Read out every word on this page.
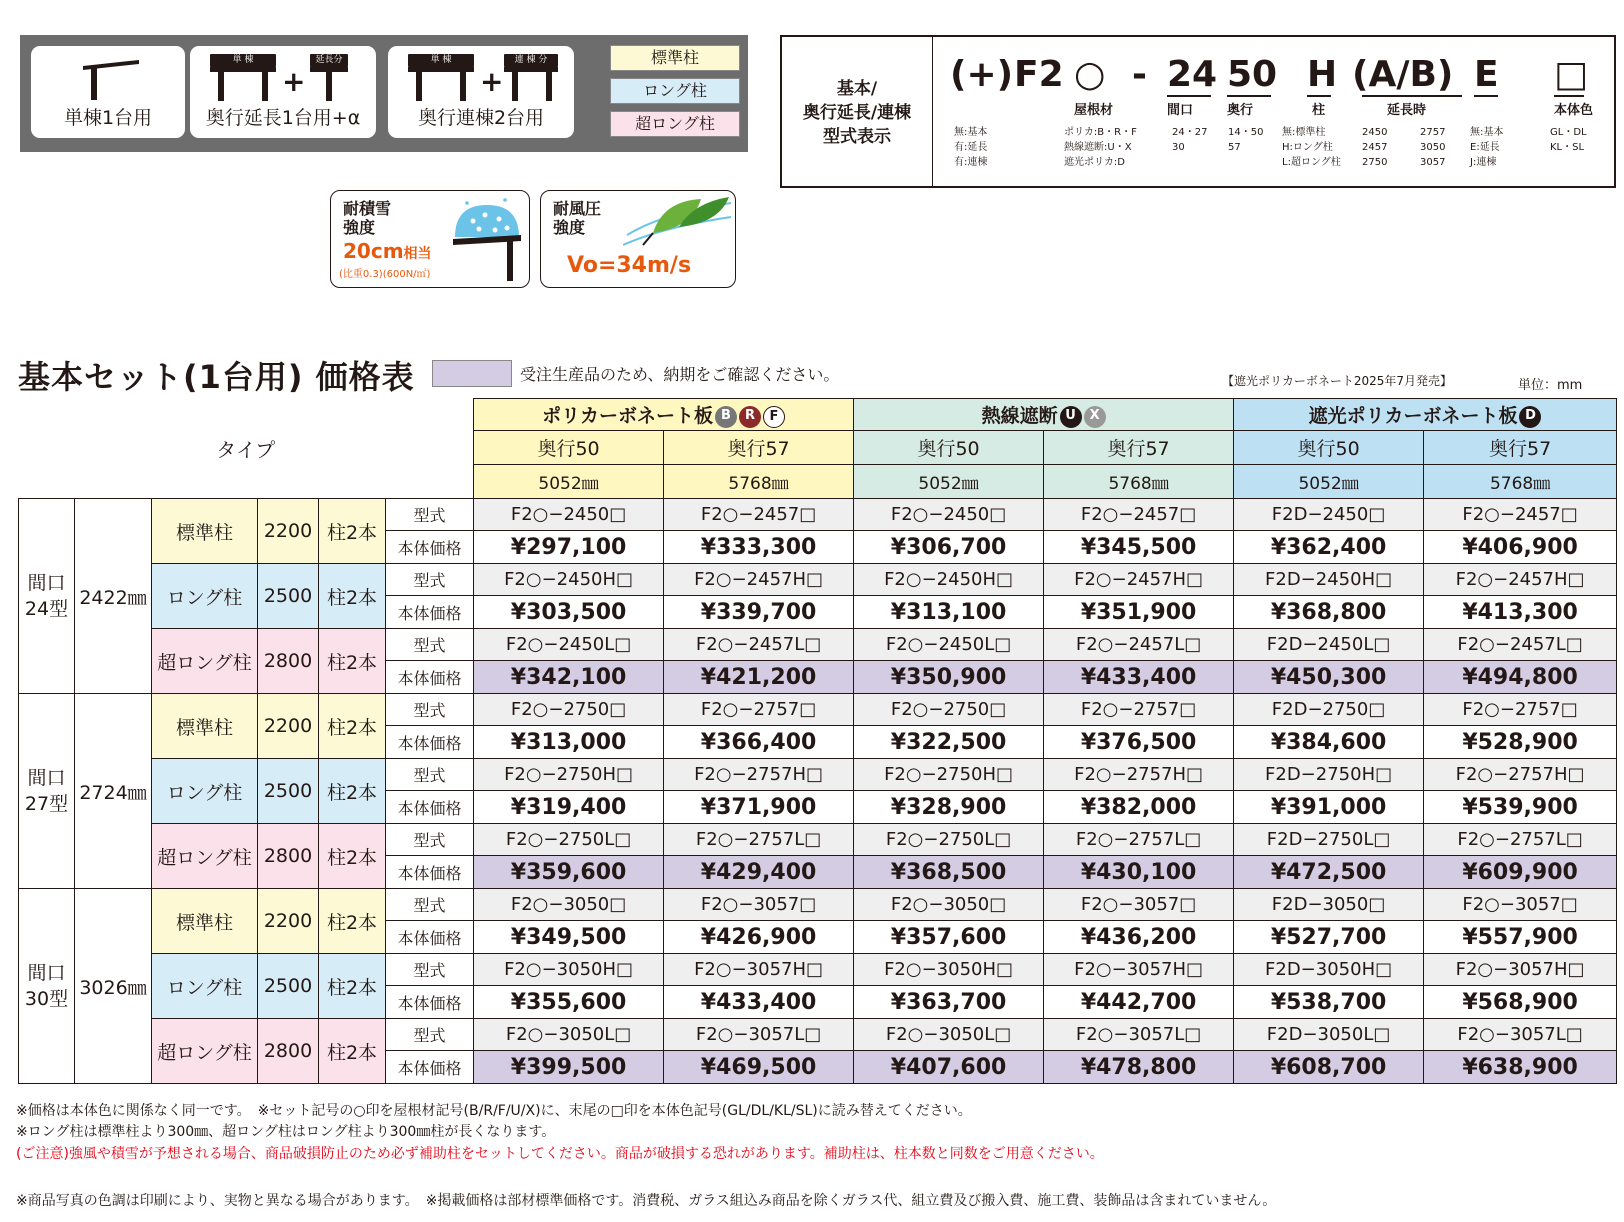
単棟1台用
単 棟
+
延長分
奥行延長1台用+α
単 棟
+
連 棟 分
奥行連棟2台用
標準柱
ロング柱
超ロング柱
基本/
奥行延長/連棟
型式表示
(+) F2 ○ - 24 50 H (A/B) E □
屋根材	間口	奥行	柱	延長時	本体色
無:基本
有:延長
有:連棟
ポリカ:B・R・F
熱線遮断:U・X
遮光ポリカ:D
24・27
30
14・50
57
無:標準柱
H:ロング柱
L:超ロング柱
2450
2457
2750
2757
3050
3057
無:基本
E:延長
J:連棟
GL・DL
KL・SL
耐積雪
強度
20cm相当
(比重0.3)(600N/㎡)
耐風圧
強度
Vo=34m/s
基本セット(1台用) 価格表	受注生産品のため、納期をご確認ください。	【遮光ポリカーボネート2025年7月発売】	単位：mm
タイプ						ポリカーボネート板 B R F		熱線遮断 U X		遮光ポリカーボネート板 D	
						奥行50	奥行57	奥行50	奥行57	奥行50	奥行57
						5052㎜	5768㎜	5052㎜	5768㎜	5052㎜	5768㎜

間口
24型	2422㎜	標準柱	2200	柱2本	型式	F2○−2450□	F2○−2457□	F2○−2450□	F2○−2457□	F2D−2450□	F2○−2457□
					本体価格	¥297,100	¥333,300	¥306,700	¥345,500	¥362,400	¥406,900
		ロング柱	2500	柱2本	型式	F2○−2450H□	F2○−2457H□	F2○−2450H□	F2○−2457H□	F2D−2450H□	F2○−2457H□
					本体価格	¥303,500	¥339,700	¥313,100	¥351,900	¥368,800	¥413,300
		超ロング柱	2800	柱2本	型式	F2○−2450L□	F2○−2457L□	F2○−2450L□	F2○−2457L□	F2D−2450L□	F2○−2457L□
					本体価格	¥342,100	¥421,200	¥350,900	¥433,400	¥450,300	¥494,800

間口
27型	2724㎜	標準柱	2200	柱2本	型式	F2○−2750□	F2○−2757□	F2○−2750□	F2○−2757□	F2D−2750□	F2○−2757□
					本体価格	¥313,000	¥366,400	¥322,500	¥376,500	¥384,600	¥528,900
		ロング柱	2500	柱2本	型式	F2○−2750H□	F2○−2757H□	F2○−2750H□	F2○−2757H□	F2D−2750H□	F2○−2757H□
					本体価格	¥319,400	¥371,900	¥328,900	¥382,000	¥391,000	¥539,900
		超ロング柱	2800	柱2本	型式	F2○−2750L□	F2○−2757L□	F2○−2750L□	F2○−2757L□	F2D−2750L□	F2○−2757L□
					本体価格	¥359,600	¥429,400	¥368,500	¥430,100	¥472,500	¥609,900

間口
30型	3026㎜	標準柱	2200	柱2本	型式	F2○−3050□	F2○−3057□	F2○−3050□	F2○−3057□	F2D−3050□	F2○−3057□
					本体価格	¥349,500	¥426,900	¥357,600	¥436,200	¥527,700	¥557,900
		ロング柱	2500	柱2本	型式	F2○−3050H□	F2○−3057H□	F2○−3050H□	F2○−3057H□	F2D−3050H□	F2○−3057H□
					本体価格	¥355,600	¥433,400	¥363,700	¥442,700	¥538,700	¥568,900
		超ロング柱	2800	柱2本	型式	F2○−3050L□	F2○−3057L□	F2○−3050L□	F2○−3057L□	F2D−3050L□	F2○−3057L□
					本体価格	¥399,500	¥469,500	¥407,600	¥478,800	¥608,700	¥638,900
※価格は本体色に関係なく同一です。　※セット記号の○印を屋根材記号(B/R/F/U/X)に、末尾の□印を本体色記号(GL/DL/KL/SL)に読み替えてください。
※ロング柱は標準柱より300㎜、超ロング柱はロング柱より300㎜柱が長くなります。
(ご注意)強風や積雪が予想される場合、商品破損防止のため必ず補助柱をセットしてください。商品が破損する恐れがあります。補助柱は、柱本数と同数をご用意ください。
※商品写真の色調は印刷により、実物と異なる場合があります。　※掲載価格は部材標準価格です。消費税、ガラス組込み商品を除くガラス代、組立費及び搬入費、施工費、装飾品は含まれていません。
